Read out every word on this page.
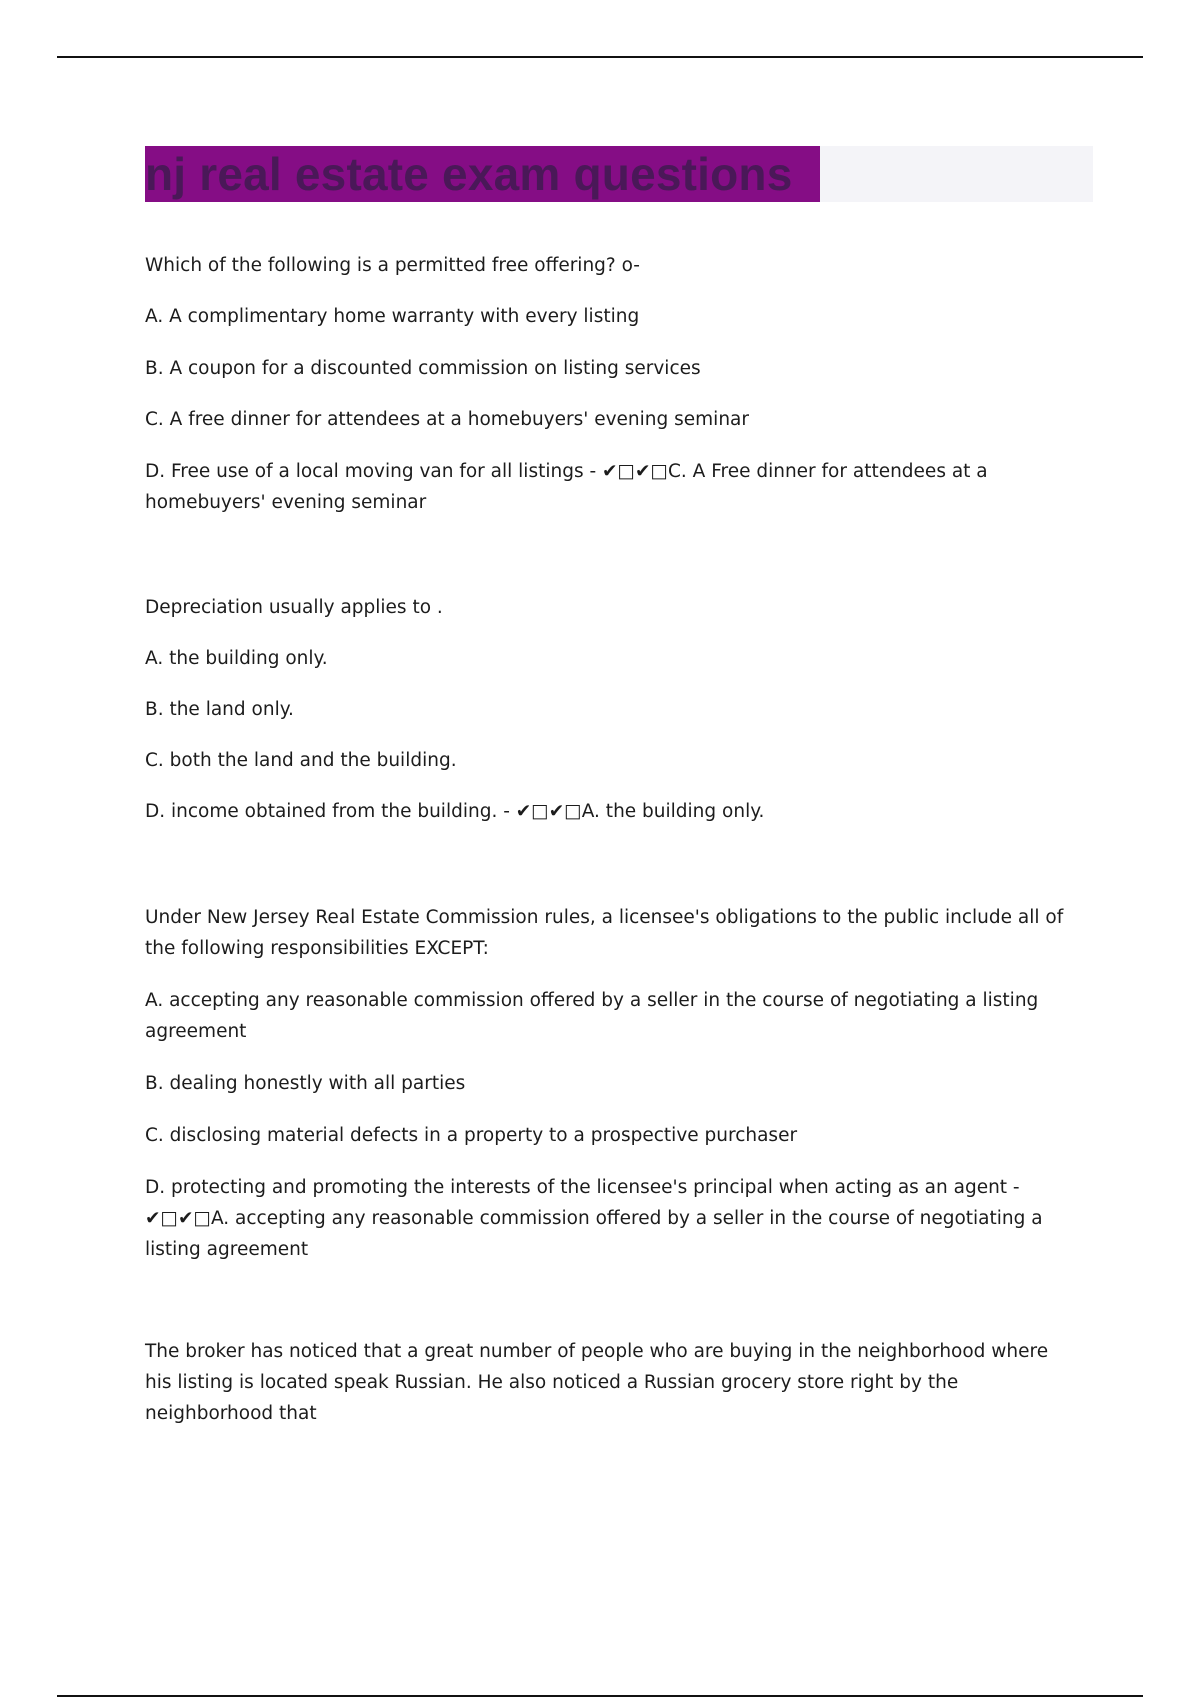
nj real estate exam questions
Which of the following is a permitted free offering? o-
A. A complimentary home warranty with every listing
B. A coupon for a discounted commission on listing services
C. A free dinner for attendees at a homebuyers' evening seminar
D. Free use of a local moving van for all listings - ✔□✔□C. A Free dinner for attendees at a homebuyers' evening seminar
Depreciation usually applies to .
A. the building only.
B. the land only.
C. both the land and the building.
D. income obtained from the building. - ✔□✔□A. the building only.
Under New Jersey Real Estate Commission rules, a licensee's obligations to the public include all of the following responsibilities EXCEPT:
A. accepting any reasonable commission offered by a seller in the course of negotiating a listing agreement
B. dealing honestly with all parties
C. disclosing material defects in a property to a prospective purchaser
D. protecting and promoting the interests of the licensee's principal when acting as an agent - ✔□✔□A. accepting any reasonable commission offered by a seller in the course of negotiating a listing agreement
The broker has noticed that a great number of people who are buying in the neighborhood where his listing is located speak Russian. He also noticed a Russian grocery store right by the neighborhood that
